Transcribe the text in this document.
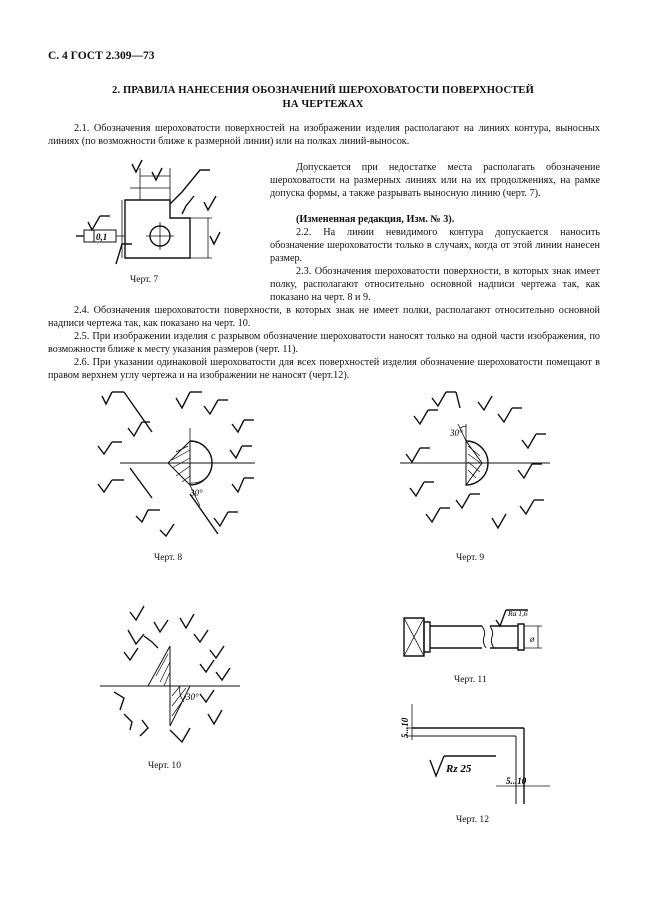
С. 4 ГОСТ 2.309—73
2. ПРАВИЛА НАНЕСЕНИЯ ОБОЗНАЧЕНИЙ ШЕРОХОВАТОСТИ ПОВЕРХНОСТЕЙ
НА ЧЕРТЕЖАХ
2.1. Обозначения шероховатости поверхностей на изображении изделия располагают на линиях контура, выносных линиях (по возможности ближе к размерной линии) или на полках линий-выносок.
Допускается при недостатке места располагать обозначение шероховатости на размерных линиях или на их продолжениях, на рамке допуска формы, а также разрывать выносную линию (черт. 7).
(Измененная редакция, Изм. № 3).
2.2. На линии невидимого контура допускается наносить обозначение шероховатости только в случаях, когда от этой линии нанесен размер.
2.3. Обозначения шероховатости поверхности, в которых знак имеет полку, располагают относительно основной надписи чертежа так, как показано на черт. 8 и 9.
2.4. Обозначения шероховатости поверхности, в которых знак не имеет полки, располагают относительно основной надписи чертежа так, как показано на черт. 10.
2.5. При изображении изделия с разрывом обозначение шероховатости наносят только на одной части изображения, по возможности ближе к месту указания размеров (черт. 11).
2.6. При указании одинаковой шероховатости для всех поверхностей изделия обозначение шероховатости помещают в правом верхнем углу чертежа и на изображении не наносят (черт.12).
0,1
Черт. 7
30°
Черт. 8
30°
Черт. 9
30°
Черт. 10
Ra 1,6
ø
Черт. 11
5...10
Rz 25
5...10
Черт. 12
